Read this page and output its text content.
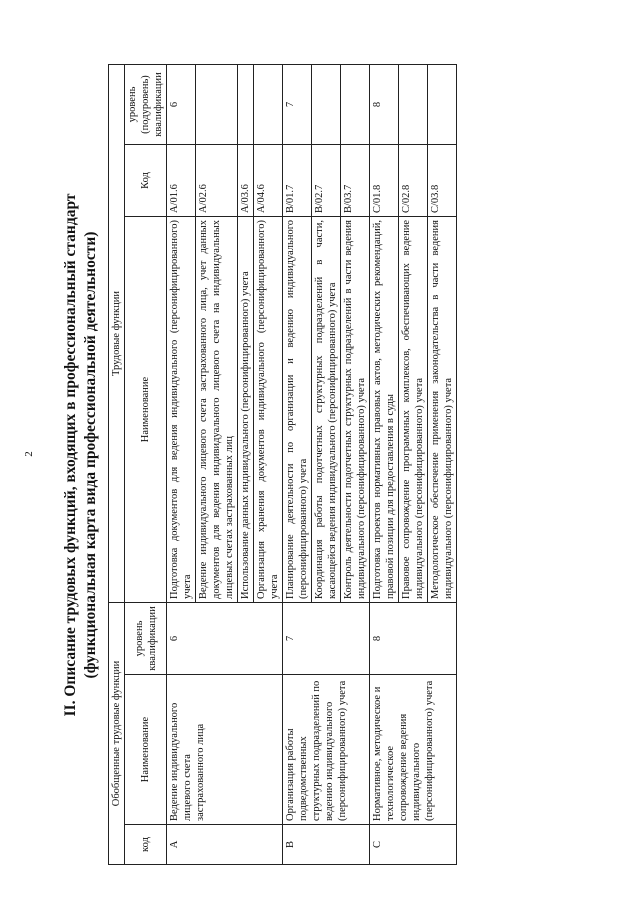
2 II. Описание трудовых функций, входящих в профессиональный стандарт (функциональная карта вида профессиональной деятельности)
Обобщенные трудовые функции			Трудовые функции		
код	Наименование	уровень квалификации	Наименование	Код	уровень (подуровень) квалификации
A	Ведение индивидуального лицевого счета застрахованного лица	6	Подготовка документов для ведения индивидуального (персонифицированного) учета	A/01.6	6
			Ведение индивидуального лицевого счета застрахованного лица, учет данных документов для ведения индивидуального лицевого счета на индивидуальных лицевых счетах застрахованных лиц	A/02.6	
			Использование данных индивидуального (персонифицированного) учета	A/03.6	
			Организация хранения документов индивидуального (персонифицированного) учета	A/04.6	
B	Организация работы подведомственных структурных подразделений по ведению индивидуального (персонифицированного) учета	7	Планирование деятельности по организации и ведению индивидуального (персонифицированного) учета	B/01.7	7
			Координация работы подотчетных структурных подразделений в части, касающейся ведения индивидуального (персонифицированного) учета	B/02.7	
			Контроль деятельности подотчетных структурных подразделений в части ведения индивидуального (персонифицированного) учета	B/03.7	
C	Нормативное, методическое и технологическое сопровождение ведения индивидуального (персонифицированного) учета	8	Подготовка проектов нормативных правовых актов, методических рекомендаций, правовой позиции для предоставления в суды	C/01.8	8
			Правовое сопровождение программных комплексов, обеспечивающих ведение индивидуального (персонифицированного) учета	C/02.8	
			Методологическое обеспечение применения законодательства в части ведения индивидуального (персонифицированного) учета	C/03.8	
